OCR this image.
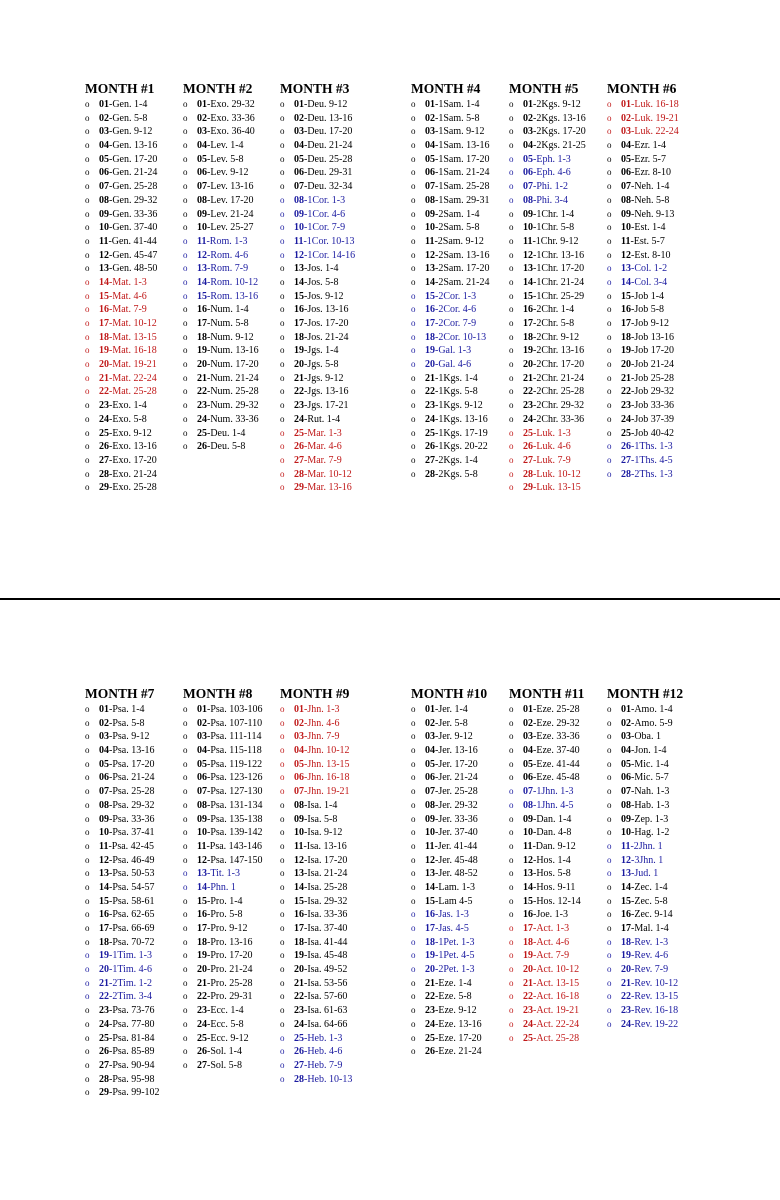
MONTH #1
o 01-Gen. 1-4
o 02-Gen. 5-8
o 03-Gen. 9-12
o 04-Gen. 13-16
o 05-Gen. 17-20
o 06-Gen. 21-24
o 07-Gen. 25-28
o 08-Gen. 29-32
o 09-Gen. 33-36
o 10-Gen. 37-40
o 11-Gen. 41-44
o 12-Gen. 45-47
o 13-Gen. 48-50
o 14-Mat. 1-3
o 15-Mat. 4-6
o 16-Mat. 7-9
o 17-Mat. 10-12
o 18-Mat. 13-15
o 19-Mat. 16-18
o 20-Mat. 19-21
o 21-Mat. 22-24
o 22-Mat. 25-28
o 23-Exo. 1-4
o 24-Exo. 5-8
o 25-Exo. 9-12
o 26-Exo. 13-16
o 27-Exo. 17-20
o 28-Exo. 21-24
o 29-Exo. 25-28
MONTH #2
o 01-Exo. 29-32
o 02-Exo. 33-36
o 03-Exo. 36-40
o 04-Lev. 1-4
o 05-Lev. 5-8
o 06-Lev. 9-12
o 07-Lev. 13-16
o 08-Lev. 17-20
o 09-Lev. 21-24
o 10-Lev. 25-27
o 11-Rom. 1-3
o 12-Rom. 4-6
o 13-Rom. 7-9
o 14-Rom. 10-12
o 15-Rom. 13-16
o 16-Num. 1-4
o 17-Num. 5-8
o 18-Num. 9-12
o 19-Num. 13-16
o 20-Num. 17-20
o 21-Num. 21-24
o 22-Num. 25-28
o 23-Num. 29-32
o 24-Num. 33-36
o 25-Deu. 1-4
o 26-Deu. 5-8
MONTH #3
o 01-Deu. 9-12
o 02-Deu. 13-16
o 03-Deu. 17-20
o 04-Deu. 21-24
o 05-Deu. 25-28
o 06-Deu. 29-31
o 07-Deu. 32-34
o 08-1Cor. 1-3
o 09-1Cor. 4-6
o 10-1Cor. 7-9
o 11-1Cor. 10-13
o 12-1Cor. 14-16
o 13-Jos. 1-4
o 14-Jos. 5-8
o 15-Jos. 9-12
o 16-Jos. 13-16
o 17-Jos. 17-20
o 18-Jos. 21-24
o 19-Jgs. 1-4
o 20-Jgs. 5-8
o 21-Jgs. 9-12
o 22-Jgs. 13-16
o 23-Jgs. 17-21
o 24-Rut. 1-4
o 25-Mar. 1-3
o 26-Mar. 4-6
o 27-Mar. 7-9
o 28-Mar. 10-12
o 29-Mar. 13-16
MONTH #4
o 01-1Sam. 1-4
o 02-1Sam. 5-8
o 03-1Sam. 9-12
o 04-1Sam. 13-16
o 05-1Sam. 17-20
o 06-1Sam. 21-24
o 07-1Sam. 25-28
o 08-1Sam. 29-31
o 09-2Sam. 1-4
o 10-2Sam. 5-8
o 11-2Sam. 9-12
o 12-2Sam. 13-16
o 13-2Sam. 17-20
o 14-2Sam. 21-24
o 15-2Cor. 1-3
o 16-2Cor. 4-6
o 17-2Cor. 7-9
o 18-2Cor. 10-13
o 19-Gal. 1-3
o 20-Gal. 4-6
o 21-1Kgs. 1-4
o 22-1Kgs. 5-8
o 23-1Kgs. 9-12
o 24-1Kgs. 13-16
o 25-1Kgs. 17-19
o 26-1Kgs. 20-22
o 27-2Kgs. 1-4
o 28-2Kgs. 5-8
MONTH #5
o 01-2Kgs. 9-12
o 02-2Kgs. 13-16
o 03-2Kgs. 17-20
o 04-2Kgs. 21-25
o 05-Eph. 1-3
o 06-Eph. 4-6
o 07-Phi. 1-2
o 08-Phi. 3-4
o 09-1Chr. 1-4
o 10-1Chr. 5-8
o 11-1Chr. 9-12
o 12-1Chr. 13-16
o 13-1Chr. 17-20
o 14-1Chr. 21-24
o 15-1Chr. 25-29
o 16-2Chr. 1-4
o 17-2Chr. 5-8
o 18-2Chr. 9-12
o 19-2Chr. 13-16
o 20-2Chr. 17-20
o 21-2Chr. 21-24
o 22-2Chr. 25-28
o 23-2Chr. 29-32
o 24-2Chr. 33-36
o 25-Luk. 1-3
o 26-Luk. 4-6
o 27-Luk. 7-9
o 28-Luk. 10-12
o 29-Luk. 13-15
MONTH #6
o 01-Luk. 16-18
o 02-Luk. 19-21
o 03-Luk. 22-24
o 04-Ezr. 1-4
o 05-Ezr. 5-7
o 06-Ezr. 8-10
o 07-Neh. 1-4
o 08-Neh. 5-8
o 09-Neh. 9-13
o 10-Est. 1-4
o 11-Est. 5-7
o 12-Est. 8-10
o 13-Col. 1-2
o 14-Col. 3-4
o 15-Job 1-4
o 16-Job 5-8
o 17-Job 9-12
o 18-Job 13-16
o 19-Job 17-20
o 20-Job 21-24
o 21-Job 25-28
o 22-Job 29-32
o 23-Job 33-36
o 24-Job 37-39
o 25-Job 40-42
o 26-1Ths. 1-3
o 27-1Ths. 4-5
o 28-2Ths. 1-3
MONTH #7
o 01-Psa. 1-4
o 02-Psa. 5-8
o 03-Psa. 9-12
o 04-Psa. 13-16
o 05-Psa. 17-20
o 06-Psa. 21-24
o 07-Psa. 25-28
o 08-Psa. 29-32
o 09-Psa. 33-36
o 10-Psa. 37-41
o 11-Psa. 42-45
o 12-Psa. 46-49
o 13-Psa. 50-53
o 14-Psa. 54-57
o 15-Psa. 58-61
o 16-Psa. 62-65
o 17-Psa. 66-69
o 18-Psa. 70-72
o 19-1Tim. 1-3
o 20-1Tim. 4-6
o 21-2Tim. 1-2
o 22-2Tim. 3-4
o 23-Psa. 73-76
o 24-Psa. 77-80
o 25-Psa. 81-84
o 26-Psa. 85-89
o 27-Psa. 90-94
o 28-Psa. 95-98
o 29-Psa. 99-102
MONTH #8
o 01-Psa. 103-106
o 02-Psa. 107-110
o 03-Psa. 111-114
o 04-Psa. 115-118
o 05-Psa. 119-122
o 06-Psa. 123-126
o 07-Psa. 127-130
o 08-Psa. 131-134
o 09-Psa. 135-138
o 10-Psa. 139-142
o 11-Psa. 143-146
o 12-Psa. 147-150
o 13-Tit. 1-3
o 14-Phn. 1
o 15-Pro. 1-4
o 16-Pro. 5-8
o 17-Pro. 9-12
o 18-Pro. 13-16
o 19-Pro. 17-20
o 20-Pro. 21-24
o 21-Pro. 25-28
o 22-Pro. 29-31
o 23-Ecc. 1-4
o 24-Ecc. 5-8
o 25-Ecc. 9-12
o 26-Sol. 1-4
o 27-Sol. 5-8
MONTH #9
o 01-Jhn. 1-3
o 02-Jhn. 4-6
o 03-Jhn. 7-9
o 04-Jhn. 10-12
o 05-Jhn. 13-15
o 06-Jhn. 16-18
o 07-Jhn. 19-21
o 08-Isa. 1-4
o 09-Isa. 5-8
o 10-Isa. 9-12
o 11-Isa. 13-16
o 12-Isa. 17-20
o 13-Isa. 21-24
o 14-Isa. 25-28
o 15-Isa. 29-32
o 16-Isa. 33-36
o 17-Isa. 37-40
o 18-Isa. 41-44
o 19-Isa. 45-48
o 20-Isa. 49-52
o 21-Isa. 53-56
o 22-Isa. 57-60
o 23-Isa. 61-63
o 24-Isa. 64-66
o 25-Heb. 1-3
o 26-Heb. 4-6
o 27-Heb. 7-9
o 28-Heb. 10-13
MONTH #10
o 01-Jer. 1-4
o 02-Jer. 5-8
o 03-Jer. 9-12
o 04-Jer. 13-16
o 05-Jer. 17-20
o 06-Jer. 21-24
o 07-Jer. 25-28
o 08-Jer. 29-32
o 09-Jer. 33-36
o 10-Jer. 37-40
o 11-Jer. 41-44
o 12-Jer. 45-48
o 13-Jer. 48-52
o 14-Lam. 1-3
o 15-Lam 4-5
o 16-Jas. 1-3
o 17-Jas. 4-5
o 18-1Pet. 1-3
o 19-1Pet. 4-5
o 20-2Pet. 1-3
o 21-Eze. 1-4
o 22-Eze. 5-8
o 23-Eze. 9-12
o 24-Eze. 13-16
o 25-Eze. 17-20
o 26-Eze. 21-24
MONTH #11
o 01-Eze. 25-28
o 02-Eze. 29-32
o 03-Eze. 33-36
o 04-Eze. 37-40
o 05-Eze. 41-44
o 06-Eze. 45-48
o 07-1Jhn. 1-3
o 08-1Jhn. 4-5
o 09-Dan. 1-4
o 10-Dan. 4-8
o 11-Dan. 9-12
o 12-Hos. 1-4
o 13-Hos. 5-8
o 14-Hos. 9-11
o 15-Hos. 12-14
o 16-Joe. 1-3
o 17-Act. 1-3
o 18-Act. 4-6
o 19-Act. 7-9
o 20-Act. 10-12
o 21-Act. 13-15
o 22-Act. 16-18
o 23-Act. 19-21
o 24-Act. 22-24
o 25-Act. 25-28
MONTH #12
o 01-Amo. 1-4
o 02-Amo. 5-9
o 03-Oba. 1
o 04-Jon. 1-4
o 05-Mic. 1-4
o 06-Mic. 5-7
o 07-Nah. 1-3
o 08-Hab. 1-3
o 09-Zep. 1-3
o 10-Hag. 1-2
o 11-2Jhn. 1
o 12-3Jhn. 1
o 13-Jud. 1
o 14-Zec. 1-4
o 15-Zec. 5-8
o 16-Zec. 9-14
o 17-Mal. 1-4
o 18-Rev. 1-3
o 19-Rev. 4-6
o 20-Rev. 7-9
o 21-Rev. 10-12
o 22-Rev. 13-15
o 23-Rev. 16-18
o 24-Rev. 19-22
